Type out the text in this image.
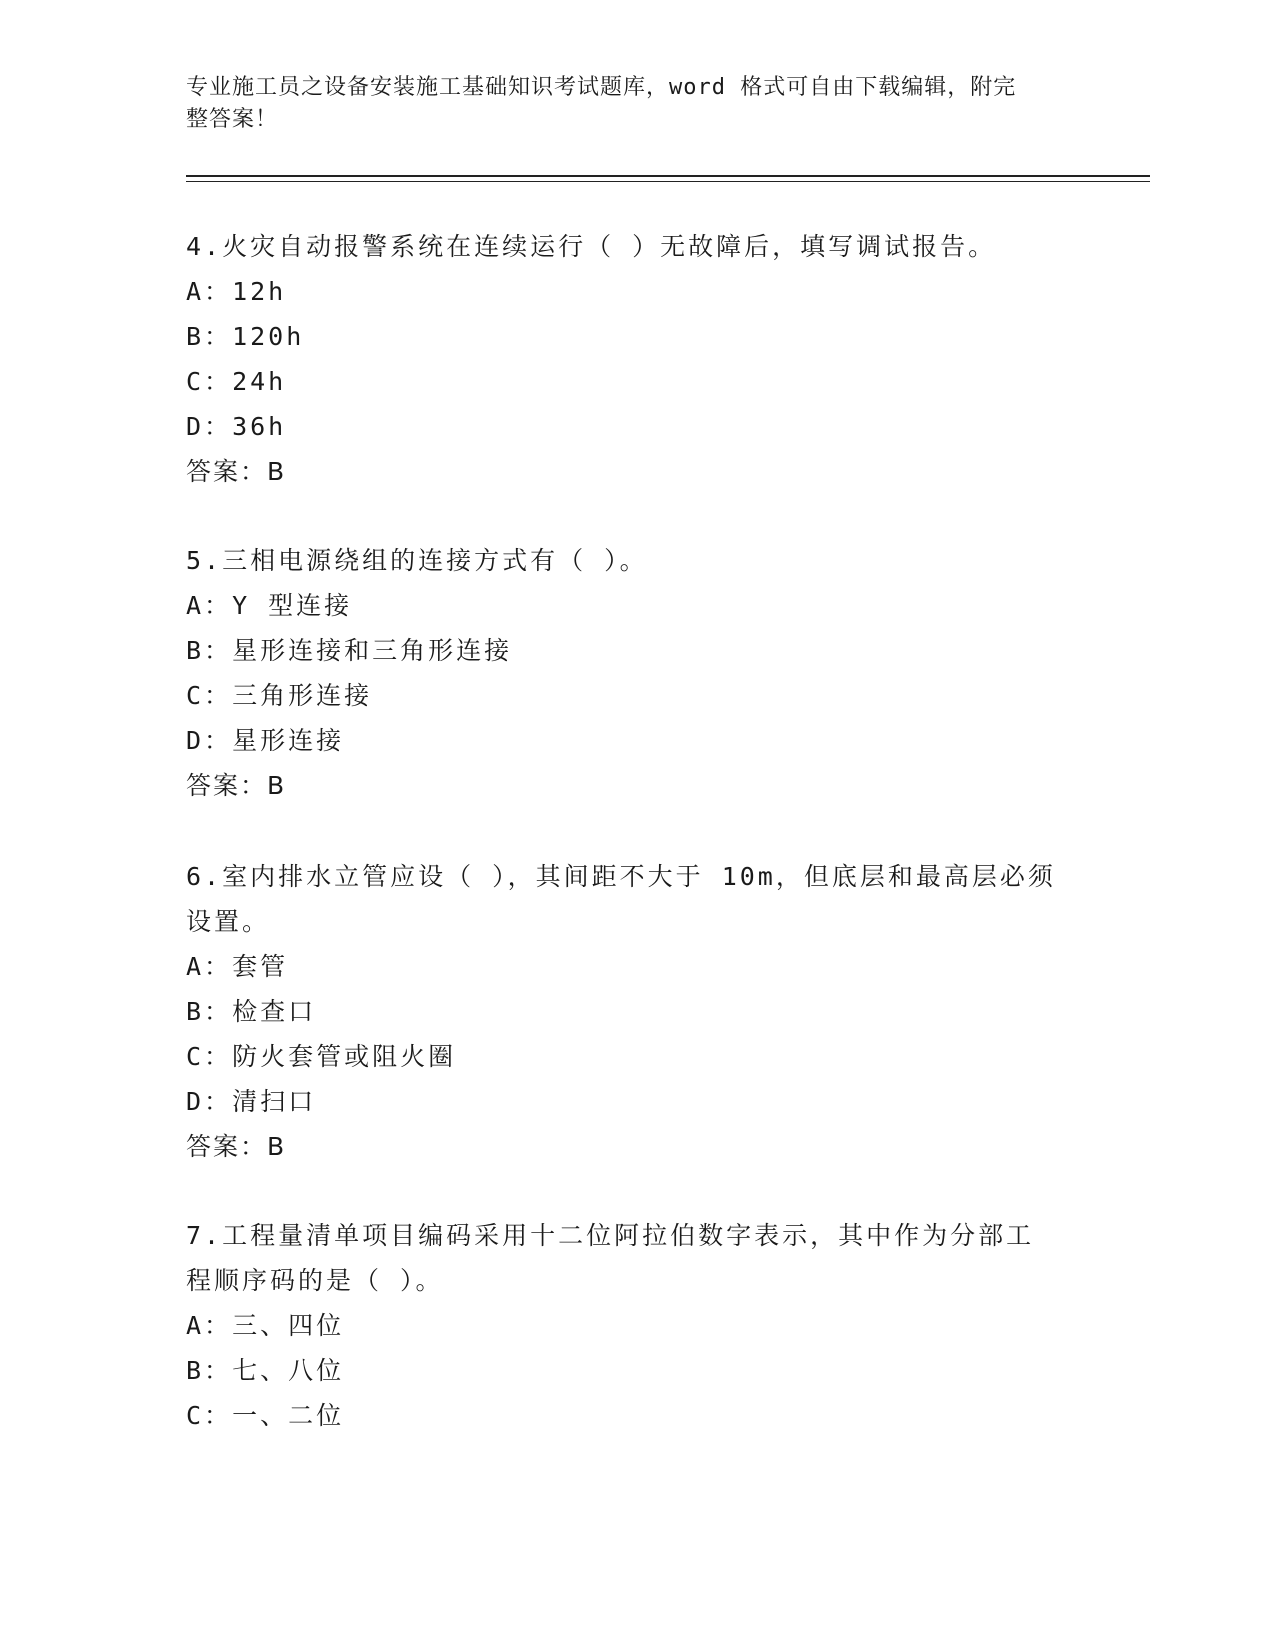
专业施工员之设备安装施工基础知识考试题库，word 格式可自由下载编辑，附完
整答案！

4.火灾自动报警系统在连续运行（ ）无故障后，填写调试报告。

A：12h

B：120h

C：24h

D：36h

答案：B

5.三相电源绕组的连接方式有（ ）。

A：Y 型连接

B：星形连接和三角形连接

C：三角形连接

D：星形连接

答案：B

6.室内排水立管应设（ ），其间距不大于 10m，但底层和最高层必须

设置。

A：套管

B：检查口

C：防火套管或阻火圈

D：清扫口

答案：B

7.工程量清单项目编码采用十二位阿拉伯数字表示，其中作为分部工

程顺序码的是（ ）。

A：三、四位

B：七、八位

C：一、二位
